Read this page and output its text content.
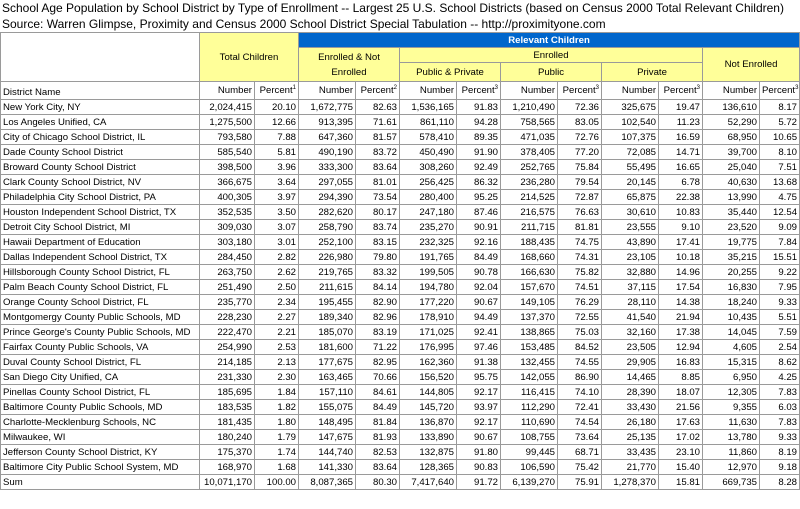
School Age Population by School District by Type of Enrollment -- Largest 25 U.S. School Districts (based on Census 2000 Total Relevant Children)
Source: Warren Glimpse, Proximity and Census 2000 School District Special Tabulation -- http://proximityone.com
	Total Children		Relevant Children									
			Enrolled & Not Enrolled		Enrolled						Not Enrolled	
					Public & Private		Public		Private			
District Name	Number	Percent$^1$	Number	Percent$^2$	Number	Percent$^3$	Number	Percent$^3$	Number	Percent$^3$	Number	Percent$^3$
New York City, NY	2,024,415	20.10	1,672,775	82.63	1,536,165	91.83	1,210,490	72.36	325,675	19.47	136,610	8.17
Los Angeles Unified, CA	1,275,500	12.66	913,395	71.61	861,110	94.28	758,565	83.05	102,540	11.23	52,290	5.72
City of Chicago School District, IL	793,580	7.88	647,360	81.57	578,410	89.35	471,035	72.76	107,375	16.59	68,950	10.65
Dade County School District	585,540	5.81	490,190	83.72	450,490	91.90	378,405	77.20	72,085	14.71	39,700	8.10
Broward County School District	398,500	3.96	333,300	83.64	308,260	92.49	252,765	75.84	55,495	16.65	25,040	7.51
Clark County School District, NV	366,675	3.64	297,055	81.01	256,425	86.32	236,280	79.54	20,145	6.78	40,630	13.68
Philadelphia City School District, PA	400,305	3.97	294,390	73.54	280,400	95.25	214,525	72.87	65,875	22.38	13,990	4.75
Houston Independent School District, TX	352,535	3.50	282,620	80.17	247,180	87.46	216,575	76.63	30,610	10.83	35,440	12.54
Detroit City School District, MI	309,030	3.07	258,790	83.74	235,270	90.91	211,715	81.81	23,555	9.10	23,520	9.09
Hawaii Department of Education	303,180	3.01	252,100	83.15	232,325	92.16	188,435	74.75	43,890	17.41	19,775	7.84
Dallas Independent School District, TX	284,450	2.82	226,980	79.80	191,765	84.49	168,660	74.31	23,105	10.18	35,215	15.51
Hillsborough County School District, FL	263,750	2.62	219,765	83.32	199,505	90.78	166,630	75.82	32,880	14.96	20,255	9.22
Palm Beach County School District, FL	251,490	2.50	211,615	84.14	194,780	92.04	157,670	74.51	37,115	17.54	16,830	7.95
Orange County School District, FL	235,770	2.34	195,455	82.90	177,220	90.67	149,105	76.29	28,110	14.38	18,240	9.33
Montgomergy County Public Schools, MD	228,230	2.27	189,340	82.96	178,910	94.49	137,370	72.55	41,540	21.94	10,435	5.51
Prince George's County Public Schools, MD	222,470	2.21	185,070	83.19	171,025	92.41	138,865	75.03	32,160	17.38	14,045	7.59
Fairfax County Public Schools, VA	254,990	2.53	181,600	71.22	176,995	97.46	153,485	84.52	23,505	12.94	4,605	2.54
Duval County School District, FL	214,185	2.13	177,675	82.95	162,360	91.38	132,455	74.55	29,905	16.83	15,315	8.62
San Diego City Unified, CA	231,330	2.30	163,465	70.66	156,520	95.75	142,055	86.90	14,465	8.85	6,950	4.25
Pinellas County School District, FL	185,695	1.84	157,110	84.61	144,805	92.17	116,415	74.10	28,390	18.07	12,305	7.83
Baltimore County Public Schools, MD	183,535	1.82	155,075	84.49	145,720	93.97	112,290	72.41	33,430	21.56	9,355	6.03
Charlotte-Mecklenburg Schools, NC	181,435	1.80	148,495	81.84	136,870	92.17	110,690	74.54	26,180	17.63	11,630	7.83
Milwaukee, WI	180,240	1.79	147,675	81.93	133,890	90.67	108,755	73.64	25,135	17.02	13,780	9.33
Jefferson County School District, KY	175,370	1.74	144,740	82.53	132,875	91.80	99,445	68.71	33,435	23.10	11,860	8.19
Baltimore City Public School System, MD	168,970	1.68	141,330	83.64	128,365	90.83	106,590	75.42	21,770	15.40	12,970	9.18
Sum	10,071,170	100.00	8,087,365	80.30	7,417,640	91.72	6,139,270	75.91	1,278,370	15.81	669,735	8.28
